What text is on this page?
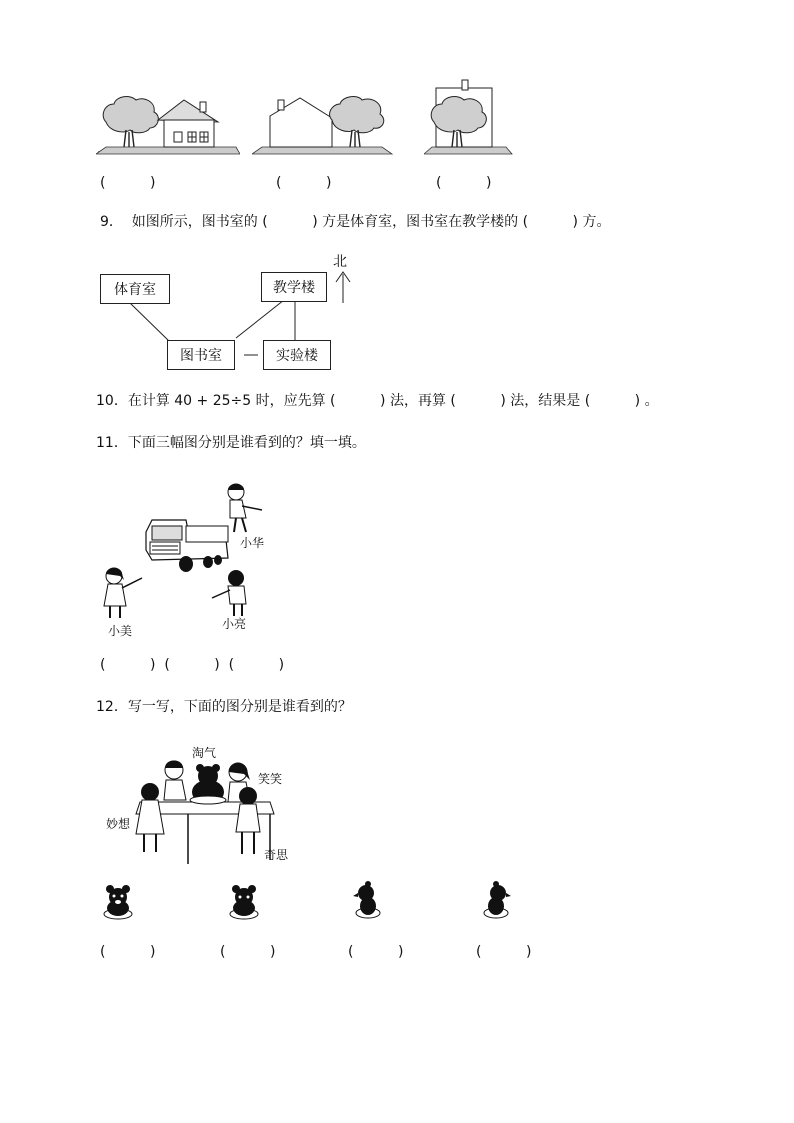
(          )	(          )	(          )
9．  如图所示，图书室的 (          ) 方是体育室，图书室在教学楼的 (          ) 方。
北
体育室	教学楼
图书室	实验楼
10．在计算 40 + 25÷5 时，应先算 (          ) 法，再算 (          ) 法，结果是 (          ) 。
11．下面三幅图分别是谁看到的？填一填。
小华
小美	小亮
(          )  (          )  (          )
12．写一写，下面的图分别是谁看到的？
淘气
笑笑
妙想
奇思
(          )	(          )	(          )	(          )
